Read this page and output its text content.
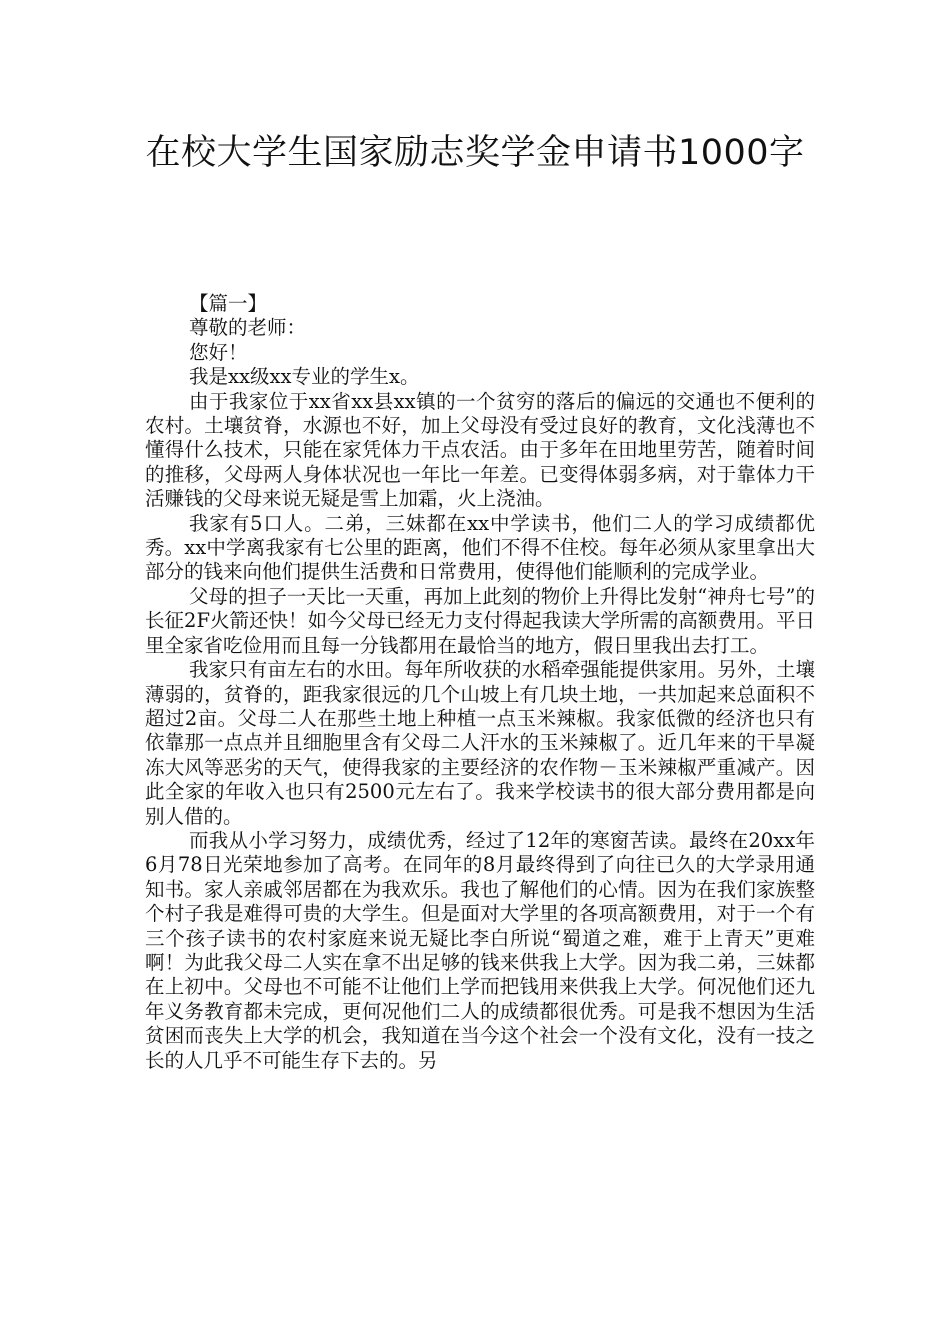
在校大学生国家励志奖学金申请书1000字

【篇一】

尊敬的老师：

您好！

我是xx级xx专业的学生x。

由于我家位于xx省xx县xx镇的一个贫穷的落后的偏远的交通也不便利的农村。土壤贫脊，水源也不好，加上父母没有受过良好的教育，文化浅薄也不懂得什么技术，只能在家凭体力干点农活。由于多年在田地里劳苦，随着时间的推移，父母两人身体状况也一年比一年差。已变得体弱多病，对于靠体力干活赚钱的父母来说无疑是雪上加霜，火上浇油。

我家有5口人。二弟，三妹都在xx中学读书，他们二人的学习成绩都优秀。xx中学离我家有七公里的距离，他们不得不住校。每年必须从家里拿出大部分的钱来向他们提供生活费和日常费用，使得他们能顺利的完成学业。

父母的担子一天比一天重，再加上此刻的物价上升得比发射“神舟七号”的长征2F火箭还快！如今父母已经无力支付得起我读大学所需的高额费用。平日里全家省吃俭用而且每一分钱都用在最恰当的地方，假日里我出去打工。

我家只有亩左右的水田。每年所收获的水稻牵强能提供家用。另外，土壤薄弱的，贫脊的，距我家很远的几个山坡上有几块土地，一共加起来总面积不超过2亩。父母二人在那些土地上种植一点玉米辣椒。我家低微的经济也只有依靠那一点点并且细胞里含有父母二人汗水的玉米辣椒了。近几年来的干旱凝冻大风等恶劣的天气，使得我家的主要经济的农作物－玉米辣椒严重减产。因此全家的年收入也只有2500元左右了。我来学校读书的很大部分费用都是向别人借的。

而我从小学习努力，成绩优秀，经过了12年的寒窗苦读。最终在20xx年6月78日光荣地参加了高考。在同年的8月最终得到了向往已久的大学录用通知书。家人亲戚邻居都在为我欢乐。我也了解他们的心情。因为在我们家族整个村子我是难得可贵的大学生。但是面对大学里的各项高额费用，对于一个有三个孩子读书的农村家庭来说无疑比李白所说“蜀道之难，难于上青天”更难啊！为此我父母二人实在拿不出足够的钱来供我上大学。因为我二弟，三妹都在上初中。父母也不可能不让他们上学而把钱用来供我上大学。何况他们还九年义务教育都未完成，更何况他们二人的成绩都很优秀。可是我不想因为生活贫困而丧失上大学的机会，我知道在当今这个社会一个没有文化，没有一技之长的人几乎不可能生存下去的。另
